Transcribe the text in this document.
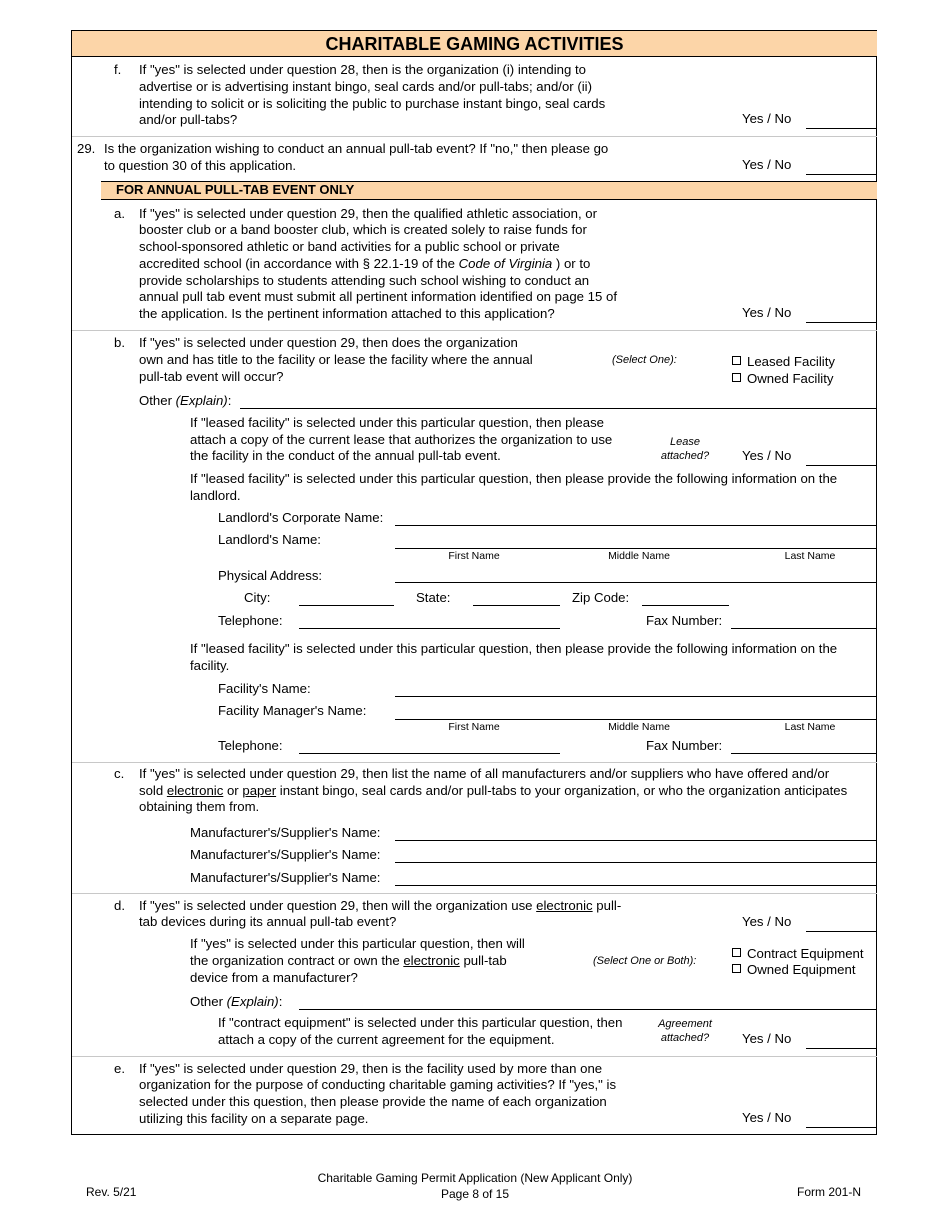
CHARITABLE GAMING ACTIVITIES
f. If "yes" is selected under question 28, then is the organization (i) intending to
advertise or is advertising instant bingo, seal cards and/or pull-tabs; and/or (ii)
intending to solicit or is soliciting the public to purchase instant bingo, seal cards
and/or pull-tabs?	Yes / No
29. Is the organization wishing to conduct an annual pull-tab event? If "no," then please go
to question 30 of this application.	Yes / No
FOR ANNUAL PULL-TAB EVENT ONLY
a. If "yes" is selected under question 29, then the qualified athletic association, or
booster club or a band booster club, which is created solely to raise funds for
school-sponsored athletic or band activities for a public school or private
accredited school (in accordance with § 22.1-19 of the Code of Virginia ) or to
provide scholarships to students attending such school wishing to conduct an
annual pull tab event must submit all pertinent information identified on page 15 of
the application. Is the pertinent information attached to this application?	Yes / No
b. If "yes" is selected under question 29, then does the organization
own and has title to the facility or lease the facility where the annual
pull-tab event will occur?
(Select One):	Leased Facility
Owned Facility
Other (Explain):
If "leased facility" is selected under this particular question, then please
attach a copy of the current lease that authorizes the organization to use
the facility in the conduct of the annual pull-tab event.
Lease
attached?	Yes / No
If "leased facility" is selected under this particular question, then please provide the following information on the
landlord.
Landlord's Corporate Name:
Landlord's Name:
First Name	Middle Name	Last Name
Physical Address:
City:	State:	Zip Code:
Telephone:	Fax Number:
If "leased facility" is selected under this particular question, then please provide the following information on the
facility.
Facility's Name:
Facility Manager's Name:
First Name	Middle Name	Last Name
Telephone:	Fax Number:
c. If "yes" is selected under question 29, then list the name of all manufacturers and/or suppliers who have offered and/or
sold electronic or paper instant bingo, seal cards and/or pull-tabs to your organization, or who the organization anticipates
obtaining them from.
Manufacturer's/Supplier's Name:
Manufacturer's/Supplier's Name:
Manufacturer's/Supplier's Name:
d. If "yes" is selected under question 29, then will the organization use electronic pull-
tab devices during its annual pull-tab event?	Yes / No
If "yes" is selected under this particular question, then will
the organization contract or own the electronic pull-tab
device from a manufacturer?
(Select One or Both):	Contract Equipment
Owned Equipment
Other (Explain):
If "contract equipment" is selected under this particular question, then
attach a copy of the current agreement for the equipment.
Agreement
attached?	Yes / No
e. If "yes" is selected under question 29, then is the facility used by more than one
organization for the purpose of conducting charitable gaming activities? If "yes," is
selected under this question, then please provide the name of each organization
utilizing this facility on a separate page.	Yes / No
Rev. 5/21
Charitable Gaming Permit Application (New Applicant Only)
Page 8 of 15	Form 201-N
